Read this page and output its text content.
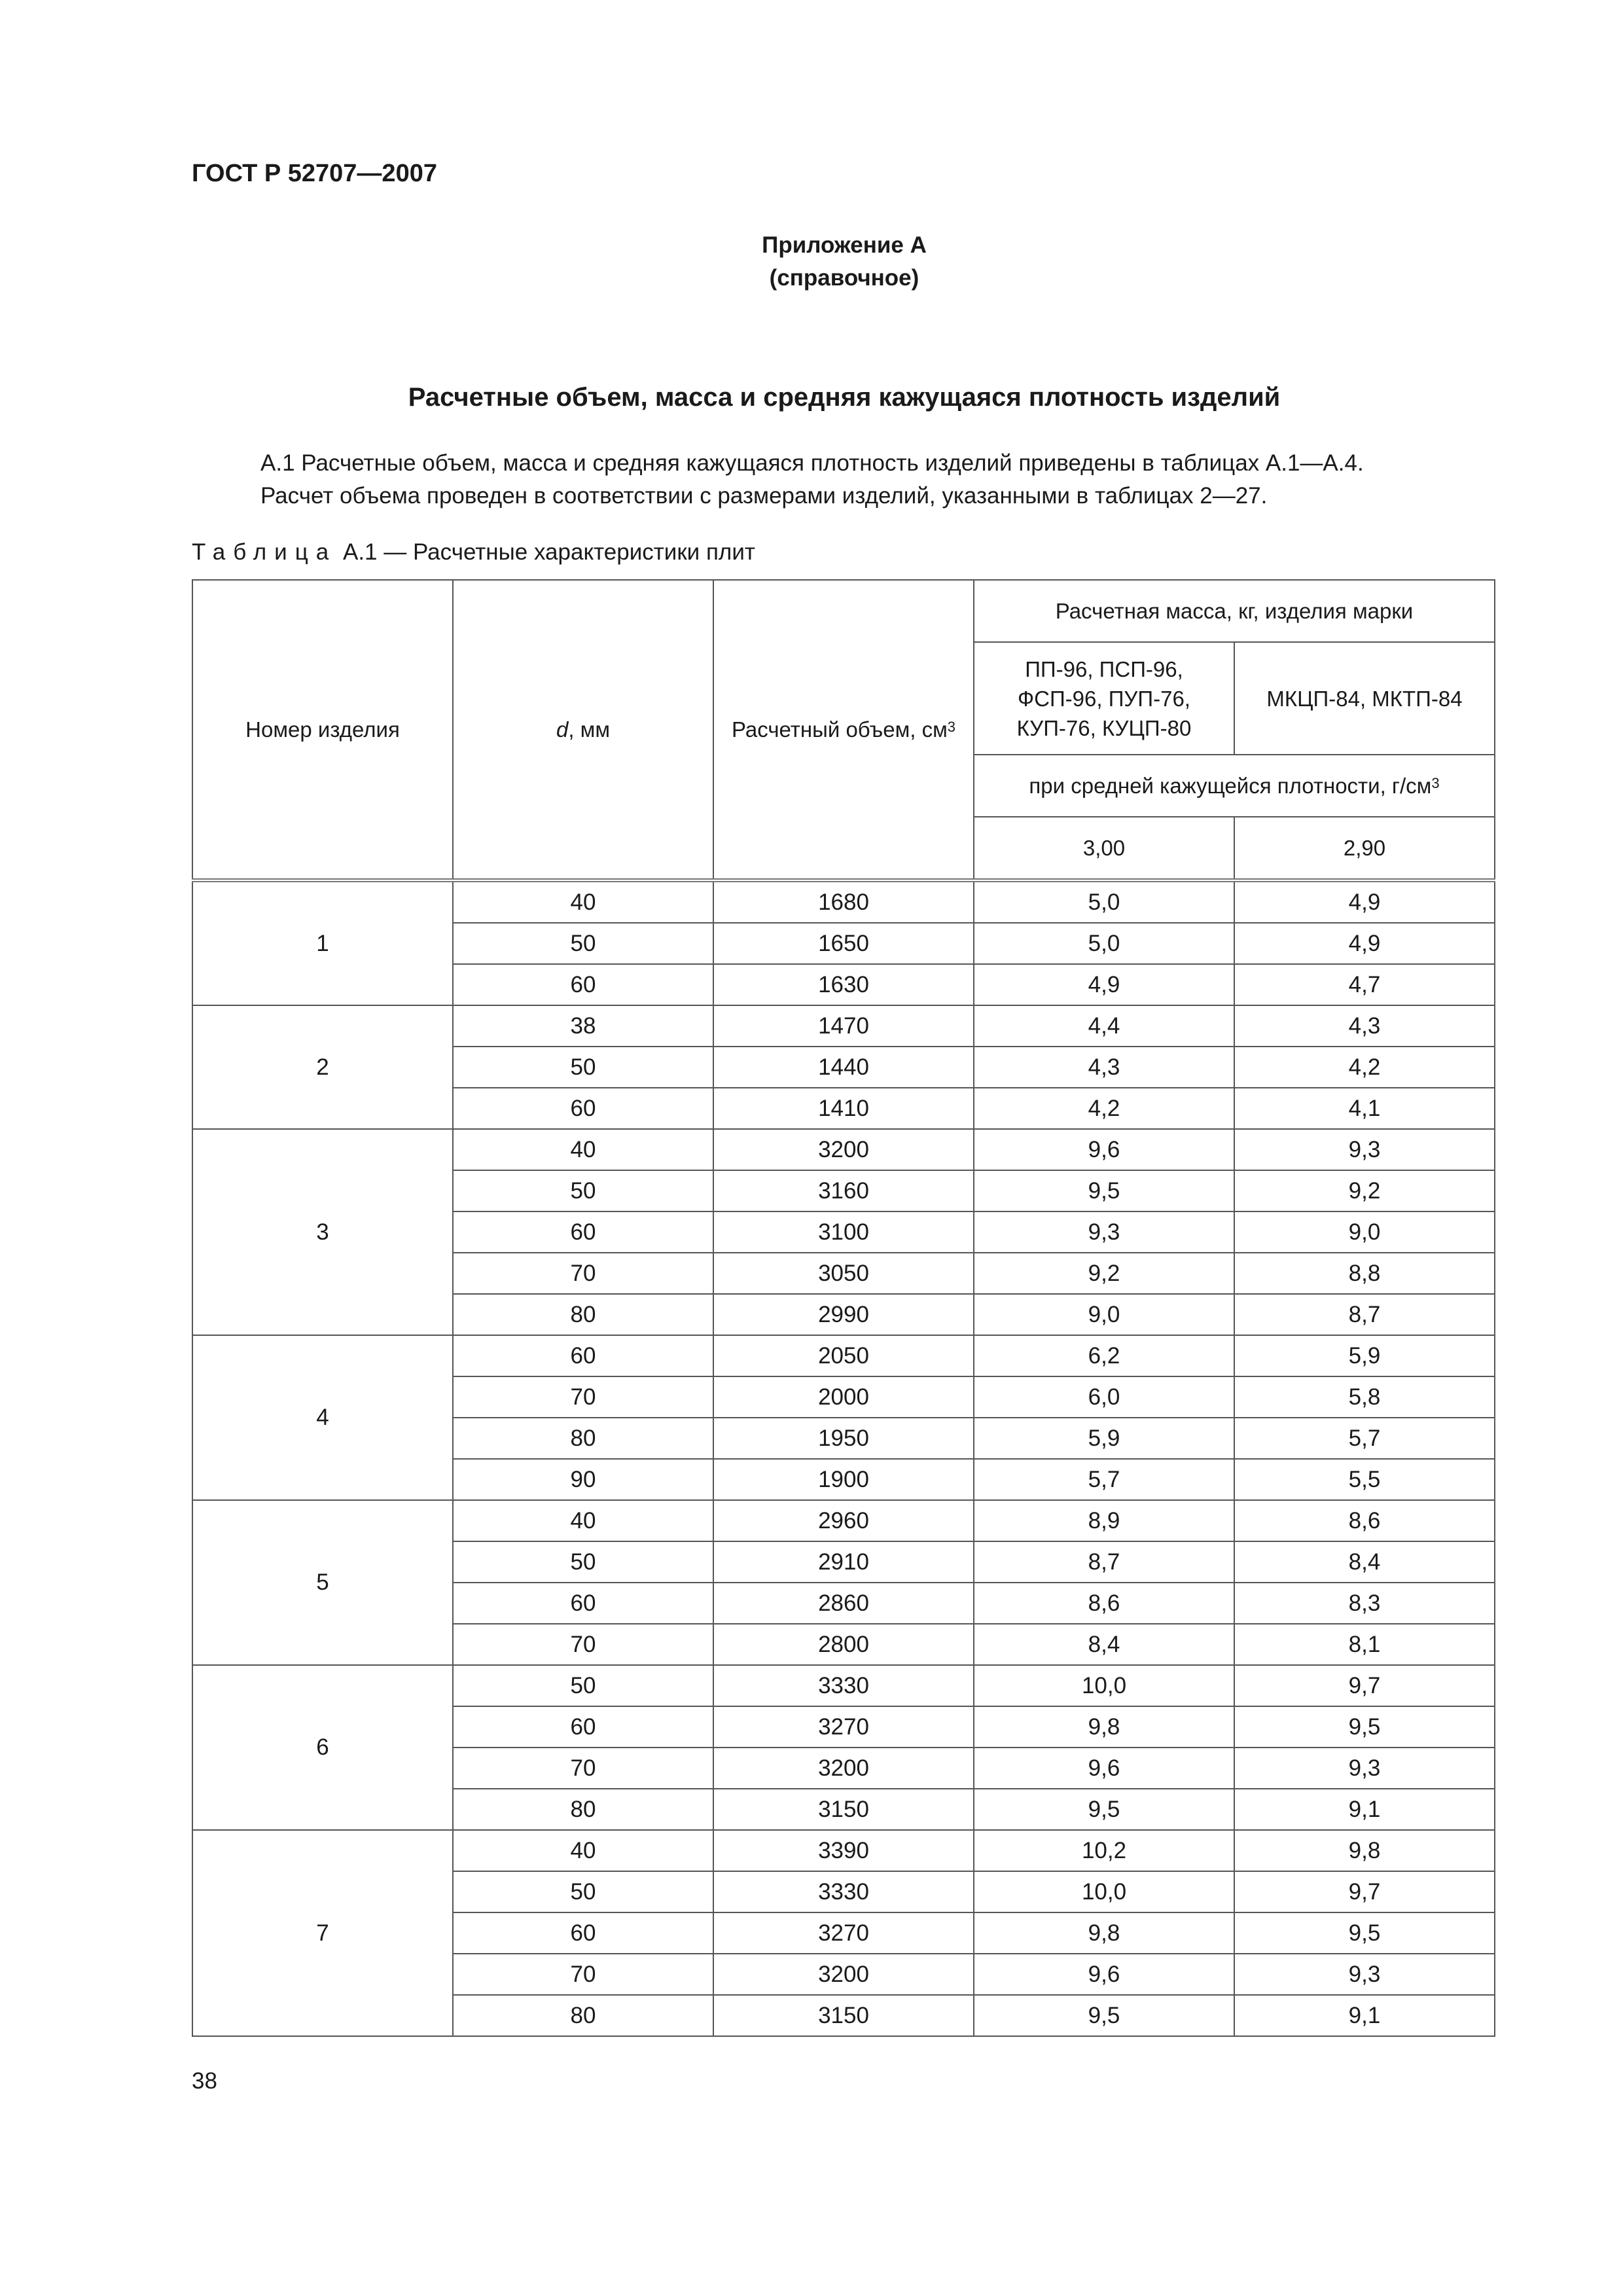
ГОСТ Р 52707—2007
Приложение А
(справочное)
Расчетные объем, масса и средняя кажущаяся плотность изделий
А.1 Расчетные объем, масса и средняя кажущаяся плотность изделий приведены в таблицах А.1—А.4.
Расчет объема проведен в соответствии с размерами изделий, указанными в таблицах 2—27.
Таблица А.1 — Расчетные характеристики плит
Номер изделия	d, мм	Расчетный объем, $см^3$	Расчетная масса, кг, изделия марки	

			ПП-96, ПСП-96,
ФСП-96, ПУП-76,
КУП-76, КУЦП-80	МКЦП-84, МКТП-84
			при средней кажущейся плотности, $г/см^3$
			3,00	2,90
1	40	1680	5,0	4,9
	50	1650	5,0	4,9
	60	1630	4,9	4,7
2	38	1470	4,4	4,3
	50	1440	4,3	4,2
	60	1410	4,2	4,1
3	40	3200	9,6	9,3
	50	3160	9,5	9,2
	60	3100	9,3	9,0
	70	3050	9,2	8,8
	80	2990	9,0	8,7
4	60	2050	6,2	5,9
	70	2000	6,0	5,8
	80	1950	5,9	5,7
	90	1900	5,7	5,5
5	40	2960	8,9	8,6
	50	2910	8,7	8,4
	60	2860	8,6	8,3
	70	2800	8,4	8,1
6	50	3330	10,0	9,7
	60	3270	9,8	9,5
	70	3200	9,6	9,3
	80	3150	9,5	9,1
7	40	3390	10,2	9,8
	50	3330	10,0	9,7
	60	3270	9,8	9,5
	70	3200	9,6	9,3
	80	3150	9,5	9,1
38
